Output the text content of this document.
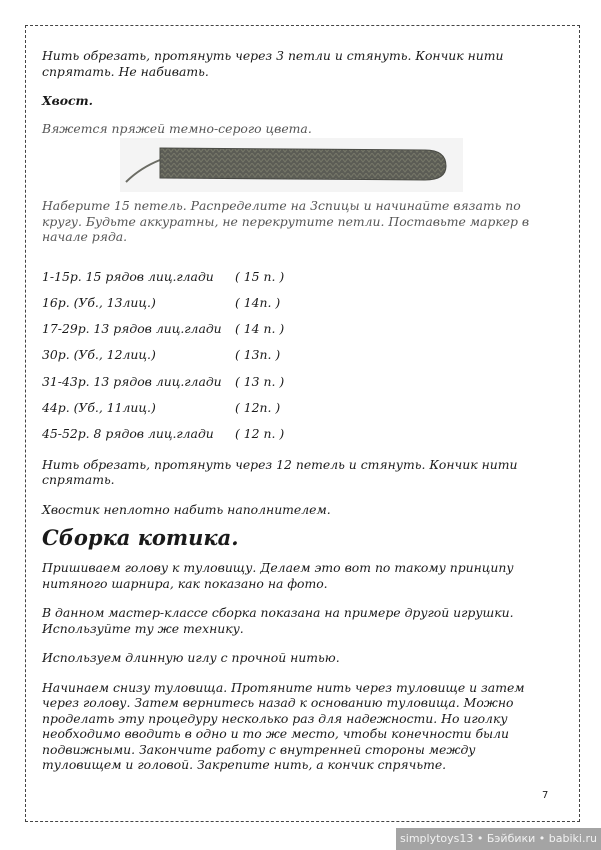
Нить обрезать, протянуть через 3 петли и стянуть. Кончик нити спрятать. Не набивать.

Хвост.

Вяжется пряжей темно-серого цвета.

Наберите 15 петель. Распределите на 3спицы и начинайте вязать по кругу. Будьте аккуратны, не перекрутите петли. Поставьте маркер в начале ряда.

1-15р. 15 рядов лиц.глади ( 15 п. )
16р. (Уб., 13лиц.)	( 14п. )
17-29р. 13 рядов лиц.глади ( 14 п. )
30р. (Уб., 12лиц.)	( 13п. )
31-43р. 13 рядов лиц.глади ( 13 п. )
44р. (Уб., 11лиц.)	( 12п. )
45-52р. 8 рядов лиц.глади ( 12 п. )

Нить обрезать, протянуть через 12 петель и стянуть. Кончик нити спрятать.

Хвостик неплотно набить наполнителем.

Сборка котика.

Пришиваем голову к туловищу. Делаем это вот по такому принципу нитяного шарнира, как показано на фото.

В данном мастер-классе сборка показана на примере другой игрушки. Используйте ту же технику.

Используем длинную иглу с прочной нитью.

Начинаем снизу туловища. Протяните нить через туловище и затем через голову. Затем вернитесь назад к основанию туловища. Можно проделать эту процедуру несколько раз для надежности. Но иголку необходимо вводить в одно и то же место, чтобы конечности были подвижными. Закончите работу с внутренней стороны между туловищем и головой. Закрепите нить, а кончик спрячьте.

7
simplytoys13 • Бэйбики • babiki.ru
